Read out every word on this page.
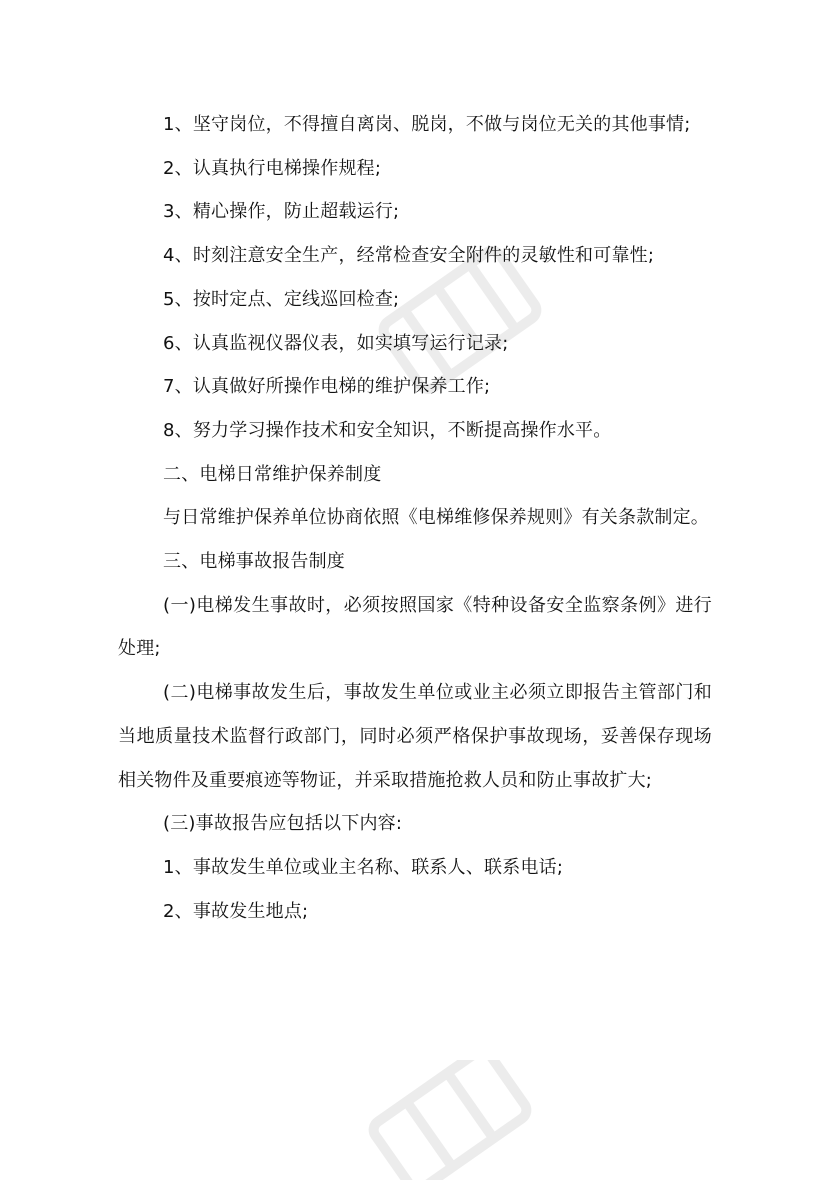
1、坚守岗位，不得擅自离岗、脱岗，不做与岗位无关的其他事情;

2、认真执行电梯操作规程;

3、精心操作，防止超载运行;

4、时刻注意安全生产，经常检查安全附件的灵敏性和可靠性;

5、按时定点、定线巡回检查;

6、认真监视仪器仪表，如实填写运行记录;

7、认真做好所操作电梯的维护保养工作;

8、努力学习操作技术和安全知识，不断提高操作水平。

二、电梯日常维护保养制度

与日常维护保养单位协商依照《电梯维修保养规则》有关条款制定。

三、电梯事故报告制度

(一)电梯发生事故时，必须按照国家《特种设备安全监察条例》进行处理;

(二)电梯事故发生后，事故发生单位或业主必须立即报告主管部门和当地质量技术监督行政部门，同时必须严格保护事故现场，妥善保存现场相关物件及重要痕迹等物证，并采取措施抢救人员和防止事故扩大;

(三)事故报告应包括以下内容:

1、事故发生单位或业主名称、联系人、联系电话;

2、事故发生地点;
